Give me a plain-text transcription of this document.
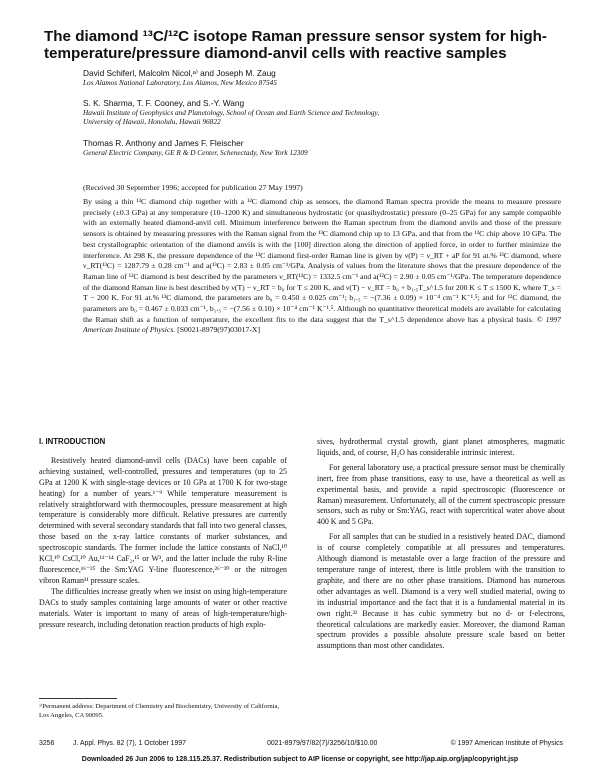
The diamond ¹³C/¹²C isotope Raman pressure sensor system for high-

temperature/pressure diamond-anvil cells with reactive samples

David Schiferl, Malcolm Nicol,ᵃ⁾ and Joseph M. Zaug
Los Alamos National Laboratory, Los Alamos, New Mexico 87545
S. K. Sharma, T. F. Cooney, and S.-Y. Wang
Hawaii Institute of Geophysics and Planetology, School of Ocean and Earth Science and Technology,
University of Hawaii, Honolulu, Hawaii 96822
Thomas R. Anthony and James F. Fleischer
General Electric Company, GE R & D Center, Schenectady, New York 12309
(Received 30 September 1996; accepted for publication 27 May 1997)

By using a thin ¹³C diamond chip together with a ¹²C diamond chip as sensors, the diamond Raman spectra provide the means to measure pressure precisely (±0.3 GPa) at any temperature (10–1200 K) and simultaneous hydrostatic (or quasihydrostatic) pressure (0–25 GPa) for any sample compatible with an externally heated diamond-anvil cell. Minimum interference between the Raman spectrum from the diamond anvils and those of the pressure sensors is obtained by measuring pressures with the Raman signal from the ¹³C diamond chip up to 13 GPa, and that from the ¹²C chip above 10 GPa. The best crystallographic orientation of the diamond anvils is with the [100] direction along the direction of applied force, in order to further minimize the interference. At 298 K, the pressure dependence of the ¹³C diamond first-order Raman line is given by ν(P) = ν_RT + aP for 91 at.% ¹³C diamond, where ν_RT(¹³C) = 1287.79 ± 0.28 cm⁻¹ and a(¹³C) = 2.83 ± 0.05 cm⁻¹/GPa. Analysis of values from the literature shows that the pressure dependence of the Raman line of ¹²C diamond is best described by the parameters ν_RT(¹²C) = 1332.5 cm⁻¹ and a(¹²C) = 2.90 ± 0.05 cm⁻¹/GPa. The temperature dependence of the diamond Raman line is best described by ν(T) − ν_RT = b₀ for T ≤ 200 K, and ν(T) − ν_RT = b₀ + b₁.₅T_s^1.5 for 200 K ≤ T ≤ 1500 K, where T_s = T − 200 K. For 91 at.% ¹³C diamond, the parameters are b₀ = 0.450 ± 0.025 cm⁻¹; b₁.₅ = −(7.36 ± 0.09) × 10⁻⁴ cm⁻¹ K⁻¹.⁵; and for ¹²C diamond, the parameters are b₀ = 0.467 ± 0.033 cm⁻¹, b₁.₅ = −(7.56 ± 0.10) × 10⁻⁴ cm⁻¹ K⁻¹.⁵. Although no quantitative theoretical models are available for calculating the Raman shift as a function of temperature, the excellent fits to the data suggest that the T_s^1.5 dependence above has a physical basis. © 1997 American Institute of Physics. [S0021-8979(97)03017-X]

I. INTRODUCTION

Resistively heated diamond-anvil cells (DACs) have been capable of achieving sustained, well-controlled, pressures and temperatures (up to 25 GPa at 1200 K with single-stage devices or 10 GPa at 1700 K for two-stage heating) for a number of years.¹⁻⁹ While temperature measurement is relatively straightforward with thermocouples, pressure measurement at high temperature is considerably more difficult. Relative pressures are currently determined with several secondary standards that fall into two general classes, those based on the x-ray lattice constants of marker substances, and spectroscopic standards. The former include the lattice constants of NaCl,¹⁰ KCl,¹⁰ CsCl,¹⁰ Au,¹¹⁻¹⁴ CaF₂,¹⁵ or W³, and the latter include the ruby R-line fluorescence,¹⁶⁻²⁵ the Sm:YAG Y-line fluorescence,²⁶⁻³⁰ or the nitrogen vibron Raman³¹ pressure scales.

The difficulties increase greatly when we insist on using high-temperature DACs to study samples containing large amounts of water or other reactive materials. Water is important to many of areas of high-temperature/high-pressure research, including detonation reaction products of high explo-

sives, hydrothermal crystal growth, giant planet atmospheres, magmatic liquids, and, of course, H₂O has considerable intrinsic interest.

For general laboratory use, a practical pressure sensor must be chemically inert, free from phase transitions, easy to use, have a theoretical as well as experimental basis, and provide a rapid spectroscopic (fluorescence or Raman) measurement. Unfortunately, all of the current spectroscopic pressure sensors, such as ruby or Sm:YAG, react with supercritical water above about 400 K and 5 GPa.

For all samples that can be studied in a resistively heated DAC, diamond is of course completely compatible at all pressures and temperatures. Although diamond is metastable over a large fraction of the pressure and temperature range of interest, there is little problem with the transition to graphite, and there are no other phase transitions. Diamond has numerous other advantages as well. Diamond is a very well studied material, owing to its industrial importance and the fact that it is a fundamental material in its own right.³² Because it has cubic symmetry but no d- or f-electrons, theoretical calculations are markedly easier. Moreover, the diamond Raman spectrum provides a possible absolute pressure scale based on better assumptions than most other candidates.

ᵃ⁾Permanent address: Department of Chemistry and Biochemistry, University of California, Los Angeles, CA 90095.

3256	J. Appl. Phys. 82 (7), 1 October 1997	0021-8979/97/82(7)/3256/10/$10.00	© 1997 American Institute of Physics
Downloaded 26 Jun 2006 to 128.115.25.37. Redistribution subject to AIP license or copyright, see http://jap.aip.org/jap/copyright.jsp
